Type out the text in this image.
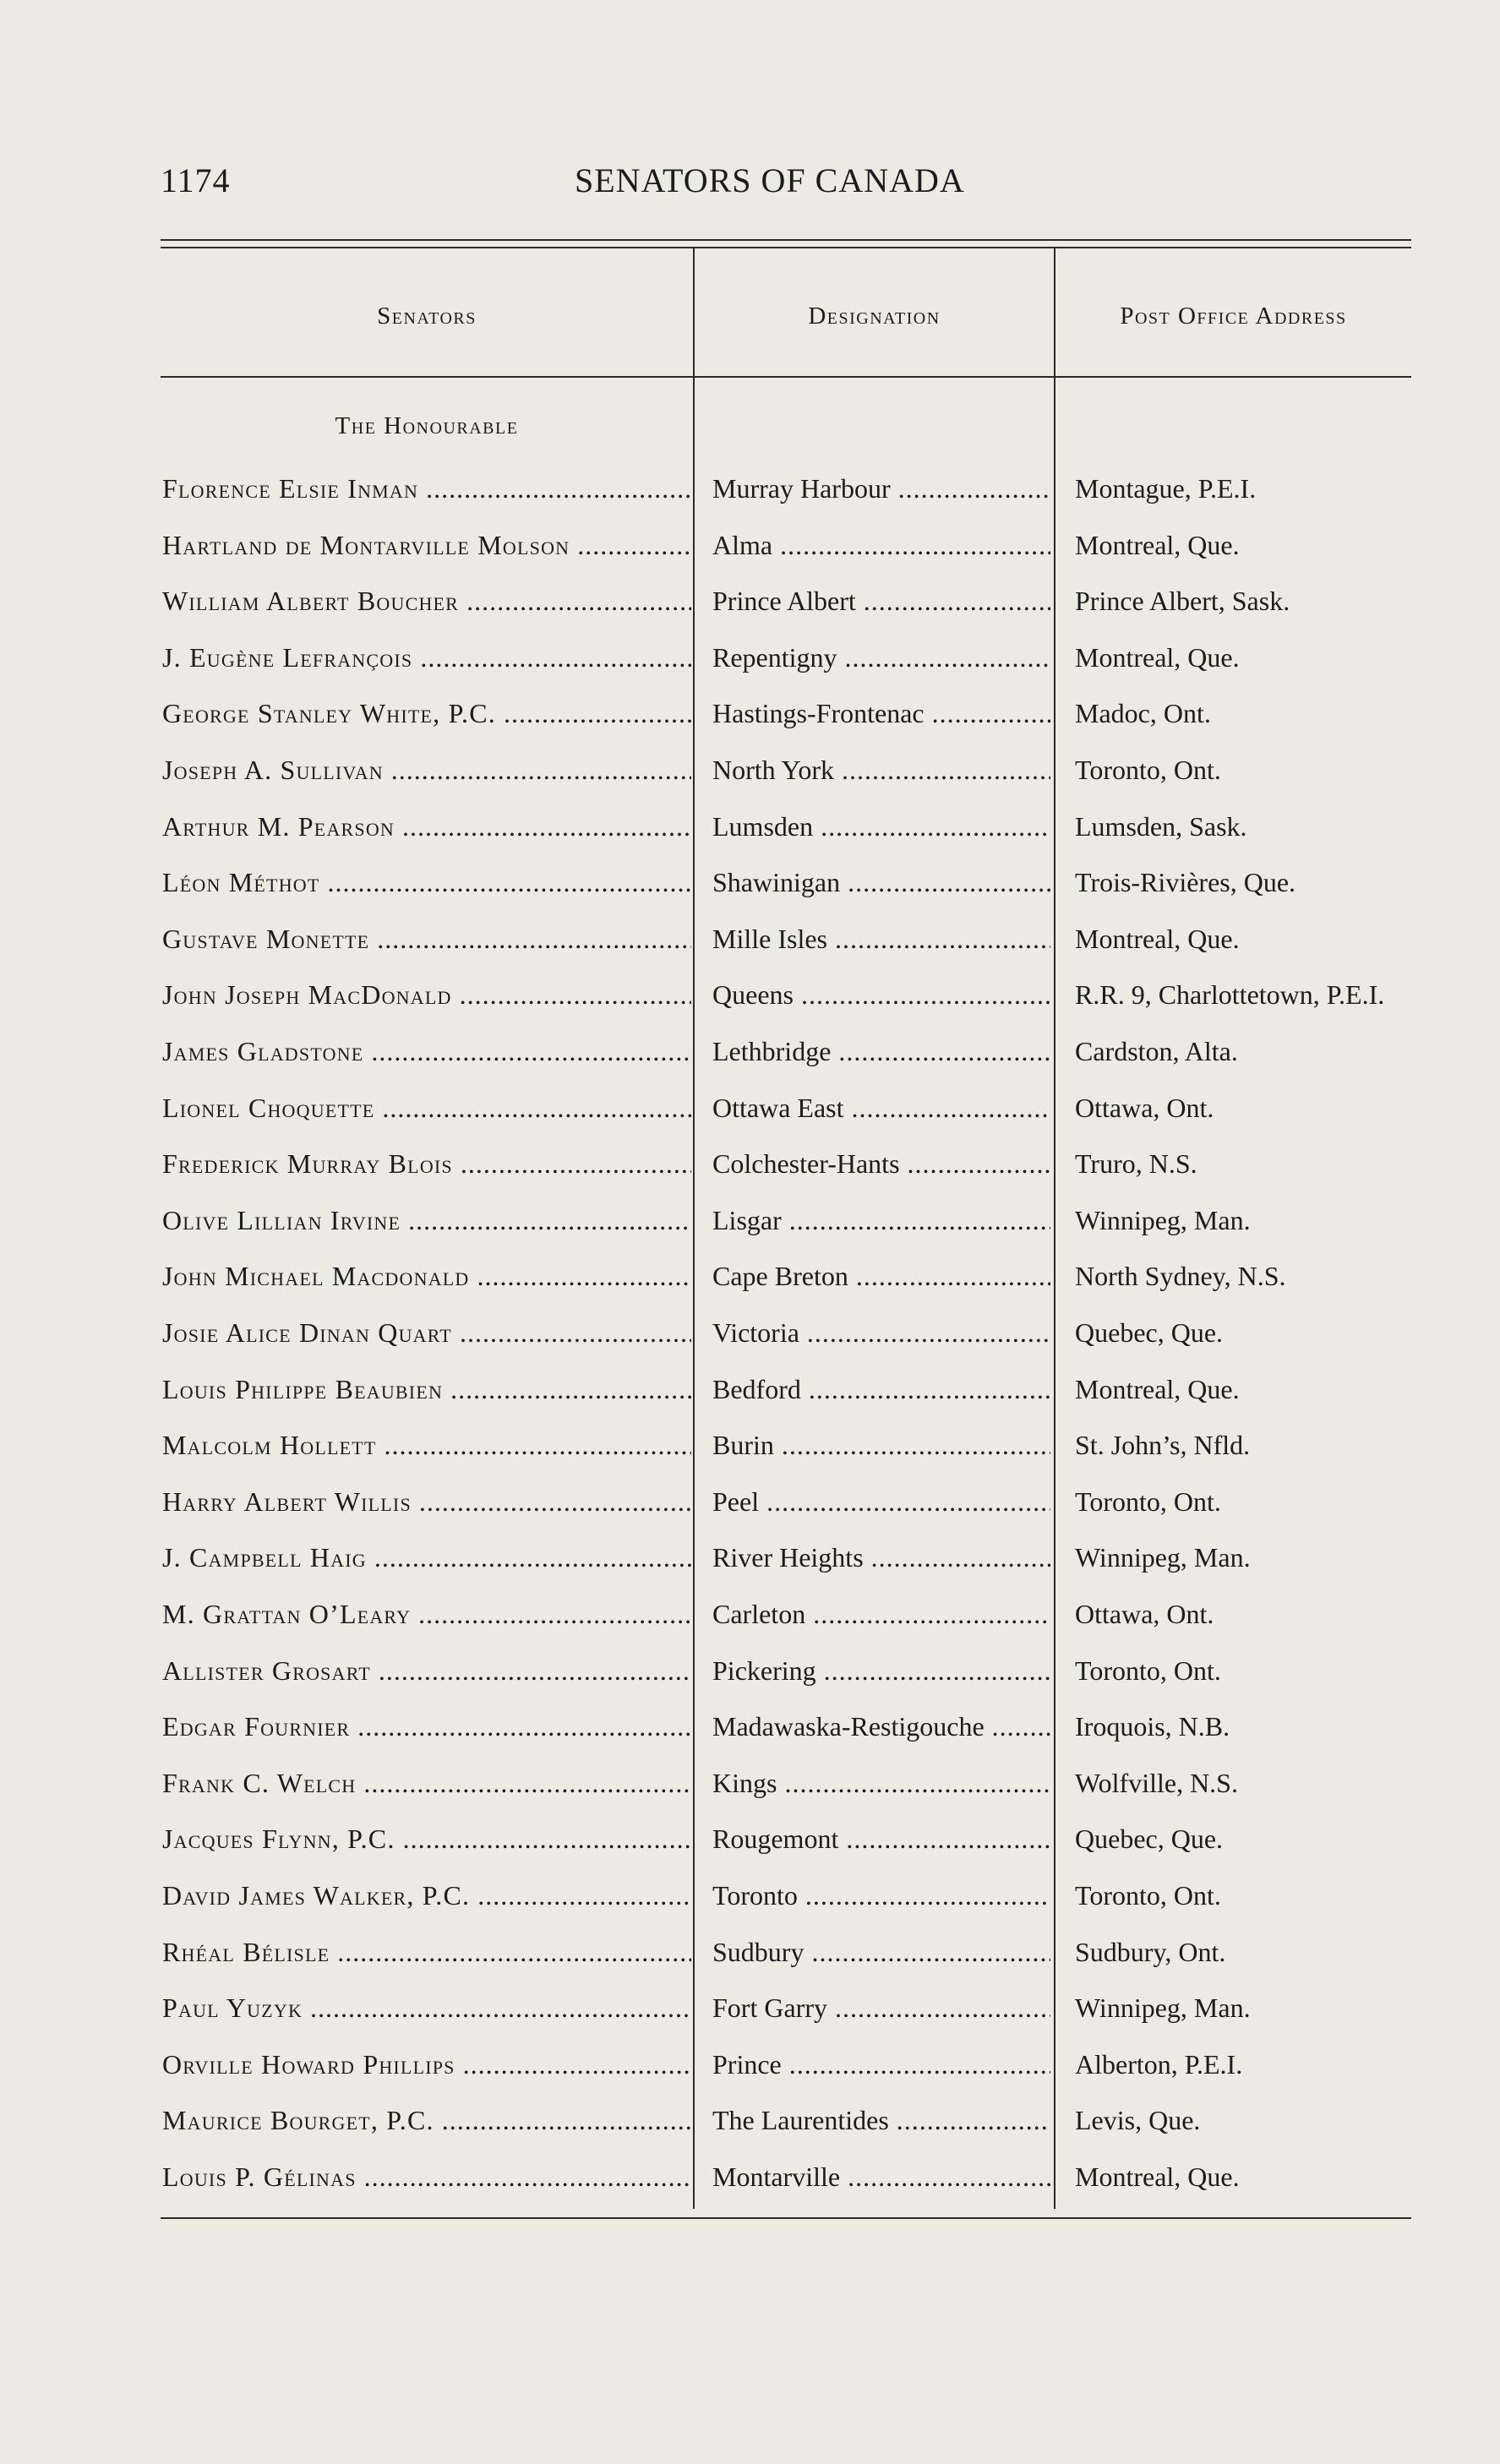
1174	SENATORS OF CANADA
Senators	Designation	Post Office Address
The Honourable
Florence Elsie Inman .....	Murray Harbour .....	Montague, P.E.I.
Hartland de Montarville Molson .....	Alma .....	Montreal, Que.
William Albert Boucher .....	Prince Albert .....	Prince Albert, Sask.
J. Eugène Lefrançois .....	Repentigny .....	Montreal, Que.
George Stanley White, P.C. .....	Hastings-Frontenac .....	Madoc, Ont.
Joseph A. Sullivan .....	North York .....	Toronto, Ont.
Arthur M. Pearson .....	Lumsden .....	Lumsden, Sask.
Léon Méthot .....	Shawinigan .....	Trois-Rivières, Que.
Gustave Monette .....	Mille Isles .....	Montreal, Que.
John Joseph MacDonald .....	Queens .....	R.R. 9, Charlottetown, P.E.I.
James Gladstone .....	Lethbridge .....	Cardston, Alta.
Lionel Choquette .....	Ottawa East .....	Ottawa, Ont.
Frederick Murray Blois .....	Colchester-Hants .....	Truro, N.S.
Olive Lillian Irvine .....	Lisgar .....	Winnipeg, Man.
John Michael Macdonald .....	Cape Breton .....	North Sydney, N.S.
Josie Alice Dinan Quart .....	Victoria .....	Quebec, Que.
Louis Philippe Beaubien .....	Bedford .....	Montreal, Que.
Malcolm Hollett .....	Burin .....	St. John’s, Nfld.
Harry Albert Willis .....	Peel .....	Toronto, Ont.
J. Campbell Haig .....	River Heights .....	Winnipeg, Man.
M. Grattan O’Leary .....	Carleton .....	Ottawa, Ont.
Allister Grosart .....	Pickering .....	Toronto, Ont.
Edgar Fournier .....	Madawaska-Restigouche .....	Iroquois, N.B.
Frank C. Welch .....	Kings .....	Wolfville, N.S.
Jacques Flynn, P.C. .....	Rougemont .....	Quebec, Que.
David James Walker, P.C. .....	Toronto .....	Toronto, Ont.
Rhéal Bélisle .....	Sudbury .....	Sudbury, Ont.
Paul Yuzyk .....	Fort Garry .....	Winnipeg, Man.
Orville Howard Phillips .....	Prince .....	Alberton, P.E.I.
Maurice Bourget, P.C. .....	The Laurentides .....	Levis, Que.
Louis P. Gélinas .....	Montarville .....	Montreal, Que.
